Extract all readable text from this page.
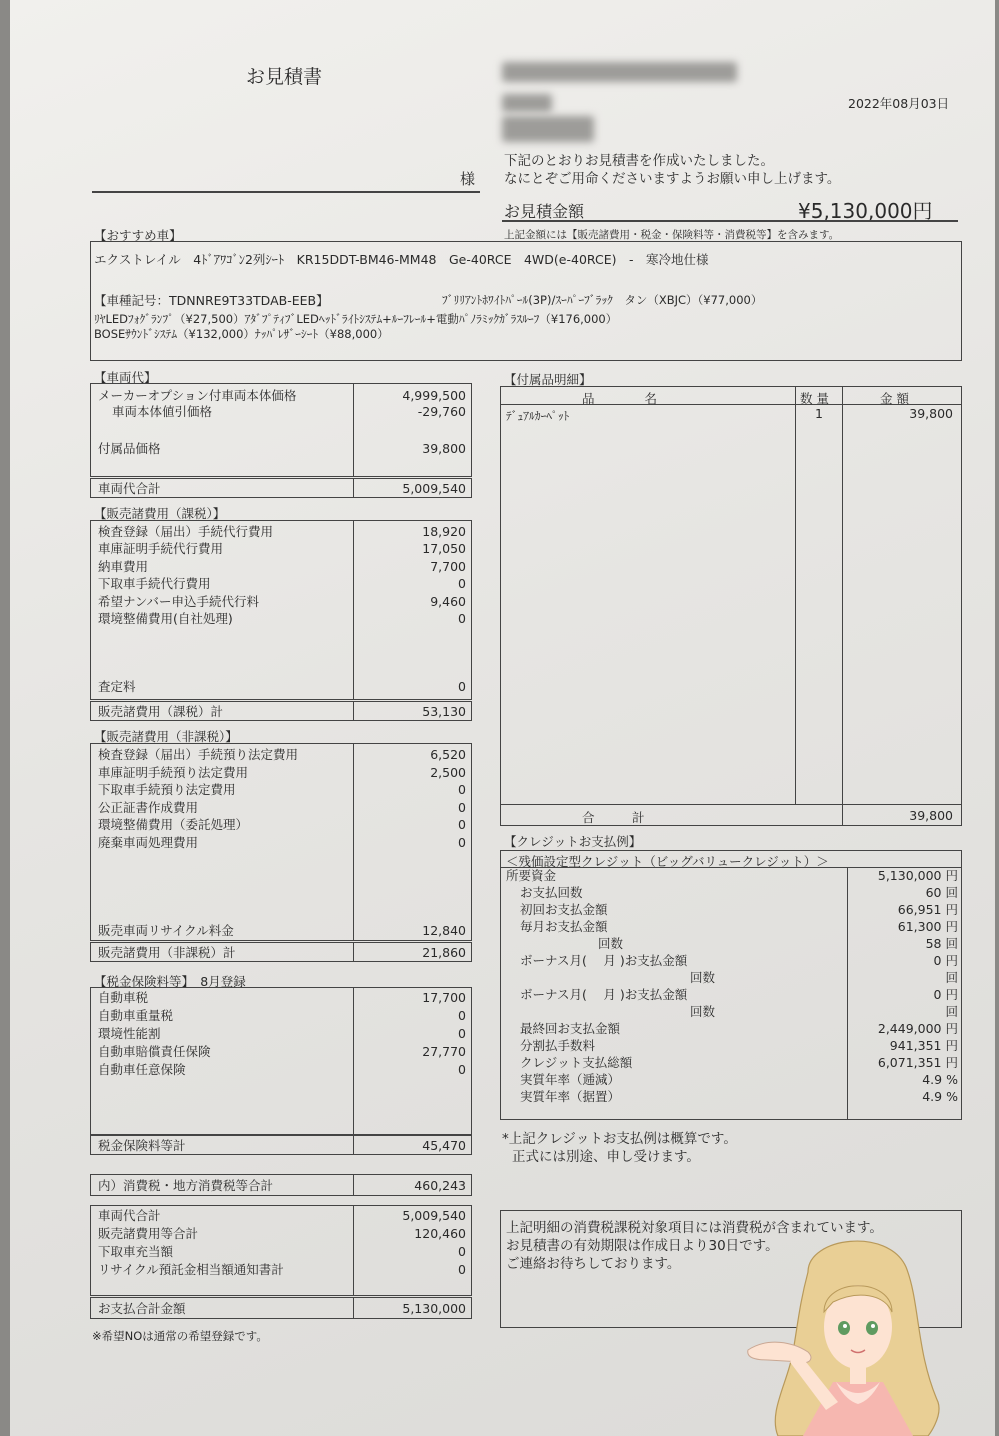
お見積書
2022年08月03日
下記のとおりお見積書を作成いたしました。
なにとぞご用命くださいますようお願い申し上げます。
様
お見積金額	¥5,130,000円
上記金額には【販売諸費用・税金・保険料等・消費税等】を含みます。
【おすすめ車】
エクストレイル　4ﾄﾞｱﾜｺﾞﾝ2列ｼｰﾄ　KR15DDT-BM46-MM48　Ge-40RCE　4WD(e-40RCE)　-　寒冷地仕様
【車種記号：TDNNRE9T33TDAB-EEB】	ﾌﾞﾘﾘｱﾝﾄﾎﾜｲﾄﾊﾟｰﾙ(3P)/ｽｰﾊﾟｰﾌﾞﾗｯｸ　タン（XBJC）（¥77,000）
ﾘﾔLEDﾌｫｸﾞﾗﾝﾌﾟ（¥27,500）ｱﾀﾞﾌﾟﾃｨﾌﾞLEDﾍｯﾄﾞﾗｲﾄｼｽﾃﾑ+ﾙｰﾌﾚｰﾙ+電動ﾊﾟﾉﾗﾐｯｸｶﾞﾗｽﾙｰﾌ（¥176,000）
BOSEｻｳﾝﾄﾞｼｽﾃﾑ（¥132,000）ﾅｯﾊﾟﾚｻﾞｰｼｰﾄ（¥88,000）
【車両代】
メーカーオプション付車両本体価格	4,999,500
車両本体値引価格	-29,760
付属品価格	39,800
車両代合計	5,009,540
【販売諸費用（課税）】
検査登録（届出）手続代行費用	18,920
車庫証明手続代行費用	17,050
納車費用	7,700
下取車手続代行費用	0
希望ナンバー申込手続代行料	9,460
環境整備費用(自社処理)	0
査定料	0
販売諸費用（課税）計	53,130
【販売諸費用（非課税）】
検査登録（届出）手続預り法定費用	6,520
車庫証明手続預り法定費用	2,500
下取車手続預り法定費用	0
公正証書作成費用	0
環境整備費用（委託処理）	0
廃棄車両処理費用	0
販売車両リサイクル料金	12,840
販売諸費用（非課税）計	21,860
【税金保険料等】　8月登録
自動車税	17,700
自動車重量税	0
環境性能割	0
自動車賠償責任保険	27,770
自動車任意保険	0
税金保険料等計	45,470
内）消費税・地方消費税等合計	460,243
車両代合計	5,009,540
販売諸費用等合計	120,460
下取車充当額	0
リサイクル預託金相当額通知書計	0
お支払合計金額	5,130,000
※希望NOは通常の希望登録です。
【付属品明細】
品　　　　名	数 量	金 額
ﾃﾞｭｱﾙｶｰﾍﾟｯﾄ	1	39,800
合　　　計	39,800
【クレジットお支払例】
＜残価設定型クレジット（ビッグバリュークレジット）＞
所要資金	5,130,000 円
お支払回数	60 回
初回お支払金額	66,951 円
毎月お支払金額	61,300 円
回数	58 回
ボーナス月(　 月 )お支払金額	0 円
回数	回
ボーナス月(　 月 )お支払金額	0 円
回数	回
最終回お支払金額	2,449,000 円
分割払手数料	941,351 円
クレジット支払総額	6,071,351 円
実質年率（逓減）	4.9 %
実質年率（据置）	4.9 %
*上記クレジットお支払例は概算です。
正式には別途、申し受けます。
上記明細の消費税課税対象項目には消費税が含まれています。
お見積書の有効期限は作成日より30日です。
ご連絡お待ちしております。
